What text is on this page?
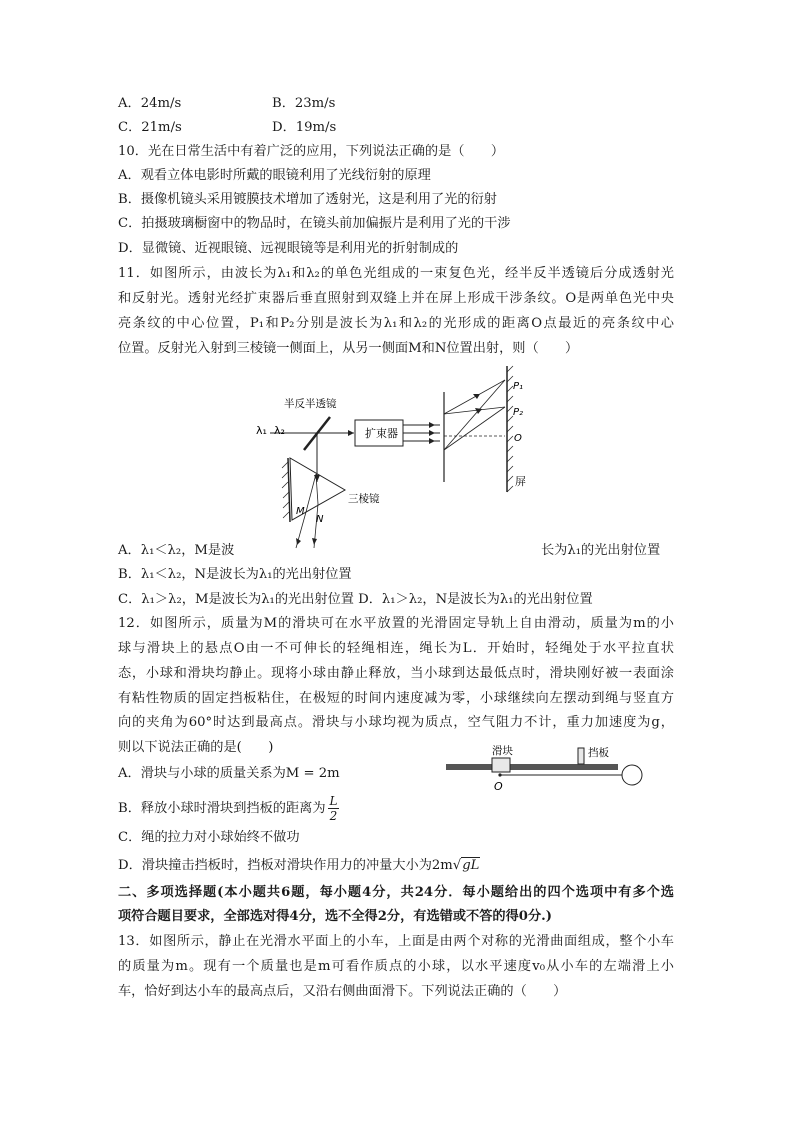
A．24m/s	B．23m/s
C．21m/s	D．19m/s
10．光在日常生活中有着广泛的应用，下列说法正确的是（　　）
A．观看立体电影时所戴的眼镜利用了光线衍射的原理
B．摄像机镜头采用镀膜技术增加了透射光，这是利用了光的衍射
C．拍摄玻璃橱窗中的物品时，在镜头前加偏振片是利用了光的干涉
D．显微镜、近视眼镜、远视眼镜等是利用光的折射制成的
11．如图所示，由波长为λ₁和λ₂的单色光组成的一束复色光，经半反半透镜后分成透射光
和反射光。透射光经扩束器后垂直照射到双缝上并在屏上形成干涉条纹。O是两单色光中央
亮条纹的中心位置，P₁和P₂分别是波长为λ₁和λ₂的光形成的距离O点最近的亮条纹中心
位置。反射光入射到三棱镜一侧面上，从另一侧面M和N位置出射，则（　　）
λ₁ λ₂
半反半透镜
扩束器
P₁
P₂
O
屏
三棱镜
M
N
A．λ₁＜λ₂，M是波	长为λ₁的光出射位置
B．λ₁＜λ₂，N是波长为λ₁的光出射位置
C．λ₁＞λ₂，M是波长为λ₁的光出射位置 D．λ₁＞λ₂，N是波长为λ₁的光出射位置
12．如图所示，质量为M的滑块可在水平放置的光滑固定导轨上自由滑动，质量为m的小
球与滑块上的悬点O由一不可伸长的轻绳相连，绳长为L．开始时，轻绳处于水平拉直状
态，小球和滑块均静止。现将小球由静止释放，当小球到达最低点时，滑块刚好被一表面涂
有粘性物质的固定挡板粘住，在极短的时间内速度减为零，小球继续向左摆动到绳与竖直方
向的夹角为60°时达到最高点。滑块与小球均视为质点，空气阻力不计，重力加速度为g，
则以下说法正确的是(　　)	滑块	挡板
O
A．滑块与小球的质量关系为M = 2m
B．释放小球时滑块到挡板的距离为 $\frac{L}{2}$
C．绳的拉力对小球始终不做功
D．滑块撞击挡板时，挡板对滑块作用力的冲量大小为2m√gL
二、多项选择题(本小题共6题，每小题4分，共24分．每小题给出的四个选项中有多个选
项符合题目要求，全部选对得4分，选不全得2分，有选错或不答的得0分.)
13．如图所示，静止在光滑水平面上的小车，上面是由两个对称的光滑曲面组成，整个小车
的质量为m。现有一个质量也是m可看作质点的小球，以水平速度v₀从小车的左端滑上小
车，恰好到达小车的最高点后，又沿右侧曲面滑下。下列说法正确的（　　）
